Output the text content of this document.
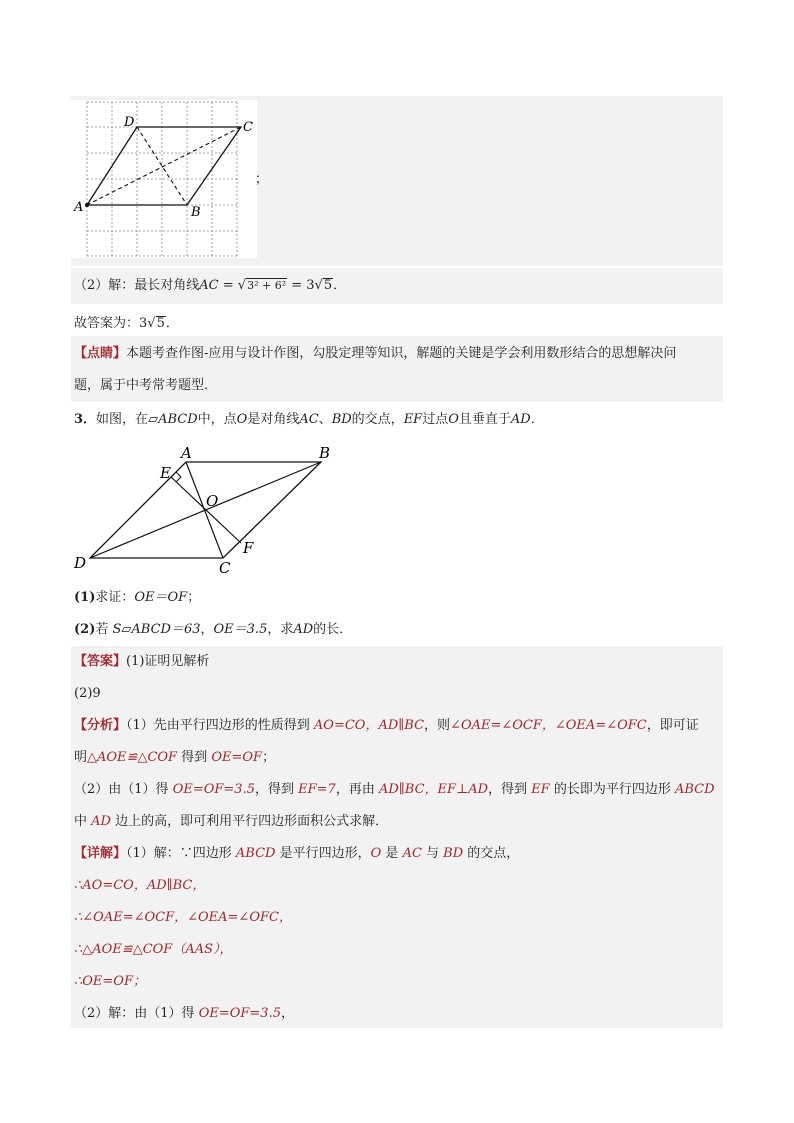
A	B
C
D
；
（2）解：最长对角线AC = √3² + 6² = 3√5．
故答案为：3√5．
【点睛】本题考查作图-应用与设计作图，勾股定理等知识，解题的关键是学会利用数形结合的思想解决问
题，属于中考常考题型．
3．如图，在▱ABCD中，点O是对角线AC、BD的交点，EF过点O且垂直于AD．
A	B
C
D
E
F
O
(1)求证：OE＝OF；
(2)若 S▱ABCD＝63，OE＝3.5，求AD的长．
【答案】(1)证明见解析
(2)9
【分析】（1）先由平行四边形的性质得到 AO=CO，AD∥BC，则∠OAE=∠OCF，∠OEA=∠OFC，即可证
明△AOE≌△COF 得到 OE=OF；
（2）由（1）得 OE=OF=3.5，得到 EF=7，再由 AD∥BC，EF⊥AD，得到 EF 的长即为平行四边形 ABCD
中 AD 边上的高，即可利用平行四边形面积公式求解．
【详解】（1）解：∵四边形 ABCD 是平行四边形，O 是 AC 与 BD 的交点，
∴AO=CO，AD∥BC，
∴∠OAE=∠OCF，∠OEA=∠OFC，
∴△AOE≌△COF（AAS），
∴OE=OF；
（2）解：由（1）得 OE=OF=3.5，
